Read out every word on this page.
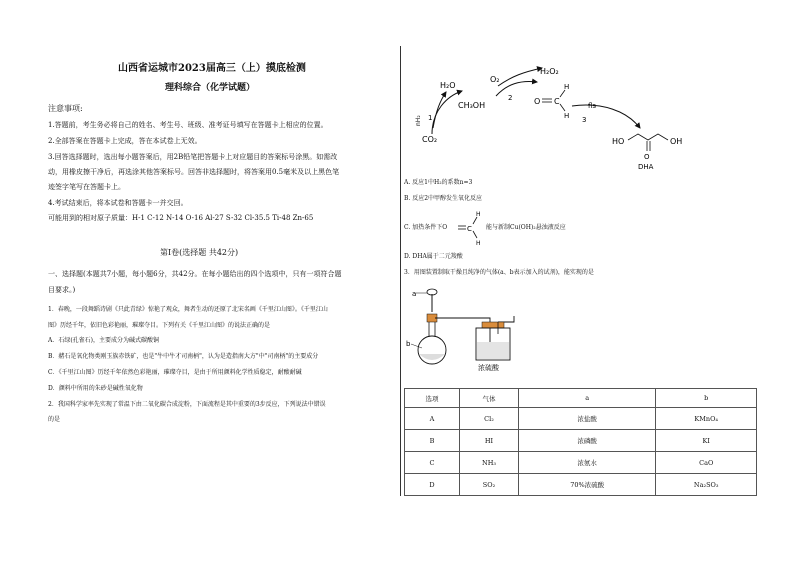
山西省运城市2023届高三（上）摸底检测
理科综合（化学试题）
注意事项:
1.答题前，考生务必将自己的姓名、考生号、班级、准考证号填写在答题卡上相应的位置。
2.全部答案在答题卡上完成，答在本试卷上无效。
3.回答选择题时，选出每小题答案后，用2B铅笔把答题卡上对应题目的答案标号涂黑。如需改
动，用橡皮擦干净后，再选涂其他答案标号。回答非选择题时，将答案用0.5毫米及以上黑色笔
迹签字笔写在答题卡上。
4.考试结束后，将本试卷和答题卡一并交回。
可能用到的相对原子质量：H-1 C-12 N-14 O-16 Al-27 S-32 Cl-35.5 Ti-48 Zn-65
第Ⅰ卷(选择题 共42分)
一、选择题(本题共7小题，每小题6分，共42分。在每小题给出的四个选项中，只有一项符合题
目要求。)
1．春晚，一段舞蹈诗剧《只此青绿》惊艳了观众，舞者生动的还原了北宋名画《千里江山图》。《千里江山
图》历经千年，依旧色彩艳丽，璀璨夺目。下列有关《千里江山图》的说法正确的是
A．石绿(孔雀石)，主要成分为碱式碳酸铜
B．赭石是氧化物类刚玉族赤铁矿，也是"牛中牛才司南柄"，认为是造指南大方"中"司南柄"的主要成分
C．《千里江山图》历经千年依然色彩艳丽，璀璨夺目，是由于所用颜料化学性质稳定，耐酸耐碱
D．颜料中所用的朱砂是碱性氧化物
2．我国科学家率先实现了常温下由二氧化碳合成淀粉，下面流程是其中重要的3步反应，下列说法中错误
的是
H₂O
CO₂
nH₂ 1
CH₃OH
O₂
H₂O₂
2	O C
H
H
fls
3
HO
O
OH
DHA
A. 反应1中H₂的系数n=3
B. 反应2中甲醇发生氧化反应
C. 加热条件下O	C
H
H
能与新制Cu(OH)₂悬浊液反应
D. DHA属于二元羧酸
3．用图装置制取干燥且纯净的气体(a、b表示加入的试剂)，能实现的是
a
b
浓硫酸
选项	气体	a	b
A	Cl₂	浓盐酸	KMnO₄
B	HI	浓磷酸	KI
C	NH₃	浓氨水	CaO
D	SO₂	70%浓硫酸	Na₂SO₃
